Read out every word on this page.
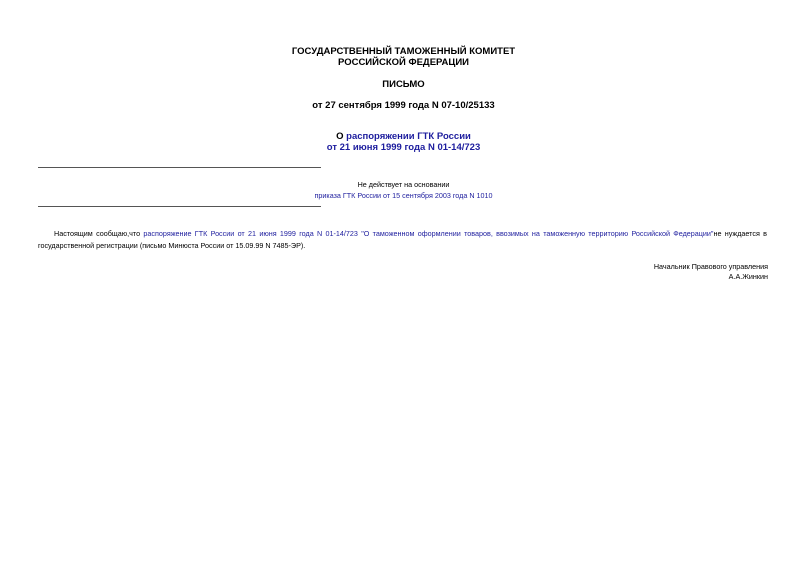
ГОСУДАРСТВЕННЫЙ ТАМОЖЕННЫЙ КОМИТЕТ
РОССИЙСКОЙ ФЕДЕРАЦИИ
ПИСЬМО
от 27 сентября 1999 года N 07-10/25133
О распоряжении ГТК России
от 21 июня 1999 года N 01-14/723
Не действует на основании
приказа ГТК России от 15 сентября 2003 года N 1010
Настоящим сообщаю,что распоряжение ГТК России от 21 июня 1999 года N 01-14/723 "О таможенном оформлении товаров, ввозимых на таможенную территорию Российской Федерации"не нуждается в государственной регистрации (письмо Минюста России от 15.09.99 N 7485-ЭР).
Начальник Правового управления
А.А.Жинкин
